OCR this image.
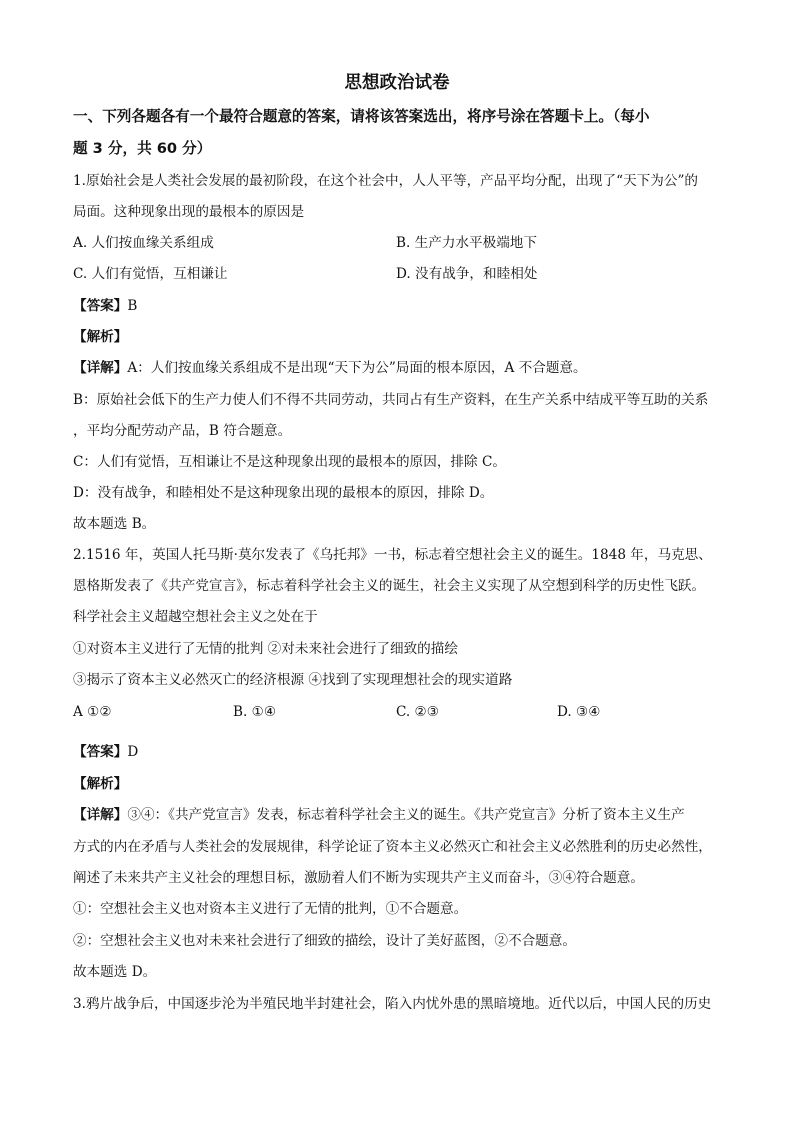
思想政治试卷
一、下列各题各有一个最符合题意的答案，请将该答案选出，将序号涂在答题卡上。（每小
题 3 分，共 60 分）
1.原始社会是人类社会发展的最初阶段，在这个社会中，人人平等，产品平均分配，出现了“天下为公”的
局面。这种现象出现的最根本的原因是
A. 人们按血缘关系组成	B. 生产力水平极端地下
C. 人们有觉悟，互相谦让	D. 没有战争，和睦相处
【答案】B
【解析】
【详解】A：人们按血缘关系组成不是出现“天下为公”局面的根本原因，A 不合题意。
B：原始社会低下的生产力使人们不得不共同劳动，共同占有生产资料，在生产关系中结成平等互助的关系
，平均分配劳动产品，B 符合题意。
C：人们有觉悟，互相谦让不是这种现象出现的最根本的原因，排除 C。
D：没有战争，和睦相处不是这种现象出现的最根本的原因，排除 D。
故本题选 B。
2.1516 年，英国人托马斯·莫尔发表了《乌托邦》一书，标志着空想社会主义的诞生。1848 年，马克思、
恩格斯发表了《共产党宣言》，标志着科学社会主义的诞生，社会主义实现了从空想到科学的历史性飞跃。
科学社会主义超越空想社会主义之处在于
①对资本主义进行了无情的批判 ②对未来社会进行了细致的描绘
③揭示了资本主义必然灭亡的经济根源 ④找到了实现理想社会的现实道路
A ①②	B. ①④	C. ②③	D. ③④
【答案】D
【解析】
【详解】③④：《共产党宣言》发表，标志着科学社会主义的诞生。《共产党宣言》分析了资本主义生产
方式的内在矛盾与人类社会的发展规律，科学论证了资本主义必然灭亡和社会主义必然胜利的历史必然性，
阐述了未来共产主义社会的理想目标，激励着人们不断为实现共产主义而奋斗，③④符合题意。
①：空想社会主义也对资本主义进行了无情的批判，①不合题意。
②：空想社会主义也对未来社会进行了细致的描绘，设计了美好蓝图，②不合题意。
故本题选 D。
3.鸦片战争后，中国逐步沦为半殖民地半封建社会，陷入内忧外患的黑暗境地。近代以后，中国人民的历史
